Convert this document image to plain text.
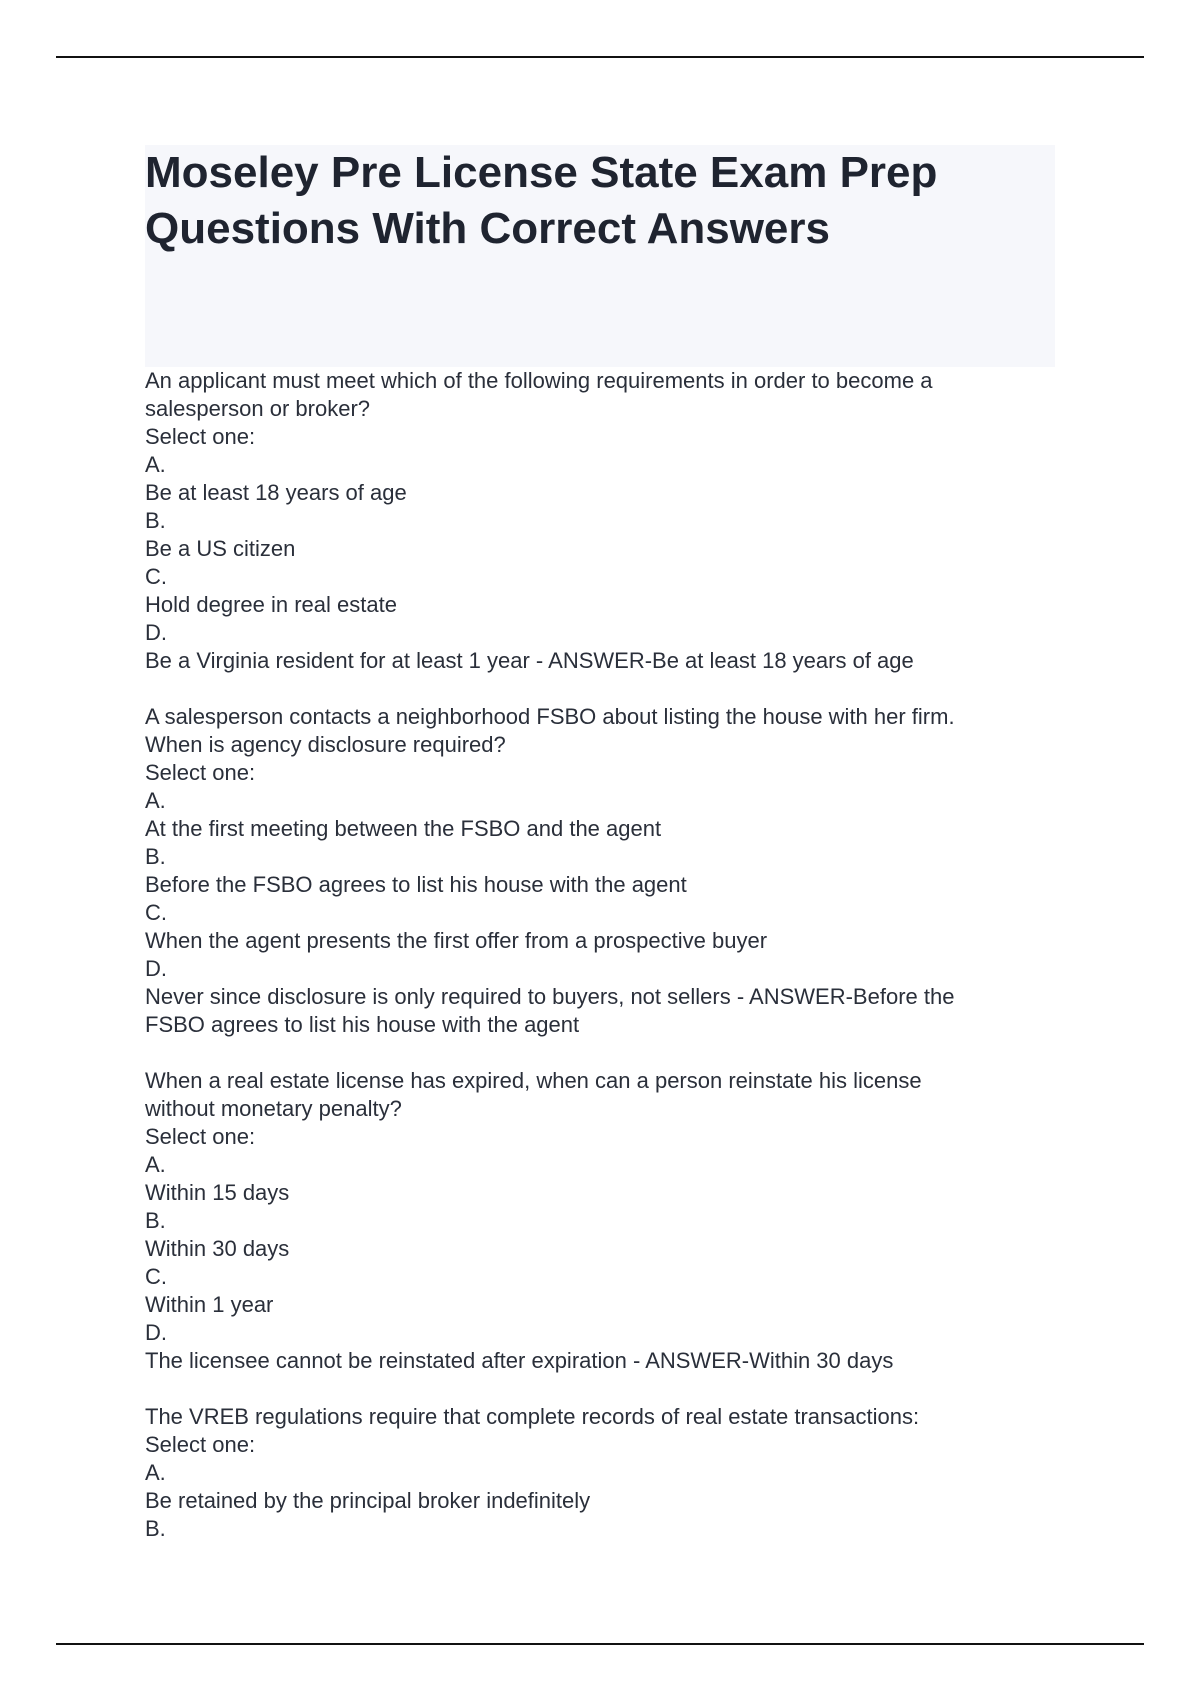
Moseley Pre License State Exam Prep Questions With Correct Answers
An applicant must meet which of the following requirements in order to become a
salesperson or broker?
Select one:
A.
Be at least 18 years of age
B.
Be a US citizen
C.
Hold degree in real estate
D.
Be a Virginia resident for at least 1 year - ANSWER-Be at least 18 years of age
A salesperson contacts a neighborhood FSBO about listing the house with her firm.
When is agency disclosure required?
Select one:
A.
At the first meeting between the FSBO and the agent
B.
Before the FSBO agrees to list his house with the agent
C.
When the agent presents the first offer from a prospective buyer
D.
Never since disclosure is only required to buyers, not sellers - ANSWER-Before the
FSBO agrees to list his house with the agent
When a real estate license has expired, when can a person reinstate his license
without monetary penalty?
Select one:
A.
Within 15 days
B.
Within 30 days
C.
Within 1 year
D.
The licensee cannot be reinstated after expiration - ANSWER-Within 30 days
The VREB regulations require that complete records of real estate transactions:
Select one:
A.
Be retained by the principal broker indefinitely
B.
